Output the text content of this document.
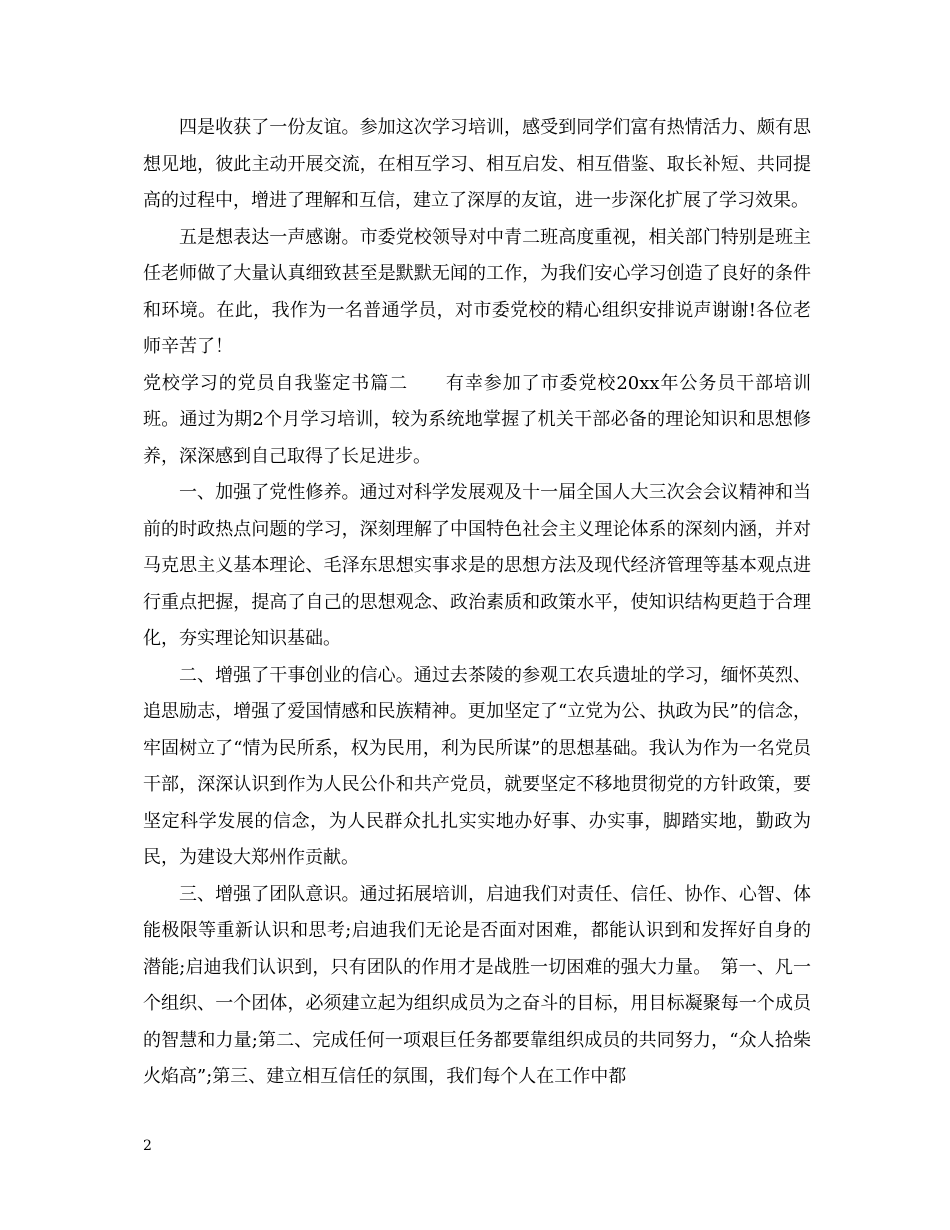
四是收获了一份友谊。参加这次学习培训，感受到同学们富有热情活力、颇有思想见地，彼此主动开展交流，在相互学习、相互启发、相互借鉴、取长补短、共同提高的过程中，增进了理解和互信，建立了深厚的友谊，进一步深化扩展了学习效果。

五是想表达一声感谢。市委党校领导对中青二班高度重视，相关部门特别是班主任老师做了大量认真细致甚至是默默无闻的工作，为我们安心学习创造了良好的条件和环境。在此，我作为一名普通学员，对市委党校的精心组织安排说声谢谢!各位老师辛苦了！

党校学习的党员自我鉴定书篇二　　有幸参加了市委党校20xx年公务员干部培训班。通过为期2个月学习培训，较为系统地掌握了机关干部必备的理论知识和思想修养，深深感到自己取得了长足进步。

一、加强了党性修养。通过对科学发展观及十一届全国人大三次会会议精神和当前的时政热点问题的学习，深刻理解了中国特色社会主义理论体系的深刻内涵，并对马克思主义基本理论、毛泽东思想实事求是的思想方法及现代经济管理等基本观点进行重点把握，提高了自己的思想观念、政治素质和政策水平，使知识结构更趋于合理化，夯实理论知识基础。

二、增强了干事创业的信心。通过去茶陵的参观工农兵遗址的学习，缅怀英烈、追思励志，增强了爱国情感和民族精神。更加坚定了“立党为公、执政为民”的信念，牢固树立了“情为民所系，权为民用，利为民所谋”的思想基础。我认为作为一名党员干部，深深认识到作为人民公仆和共产党员，就要坚定不移地贯彻党的方针政策，要坚定科学发展的信念，为人民群众扎扎实实地办好事、办实事，脚踏实地，勤政为民，为建设大郑州作贡献。

三、增强了团队意识。通过拓展培训，启迪我们对责任、信任、协作、心智、体能极限等重新认识和思考;启迪我们无论是否面对困难，都能认识到和发挥好自身的潜能;启迪我们认识到，只有团队的作用才是战胜一切困难的强大力量。　第一、凡一个组织、一个团体，必须建立起为组织成员为之奋斗的目标，用目标凝聚每一个成员的智慧和力量;第二、完成任何一项艰巨任务都要靠组织成员的共同努力，“众人拾柴火焰高”;第三、建立相互信任的氛围，我们每个人在工作中都

2
